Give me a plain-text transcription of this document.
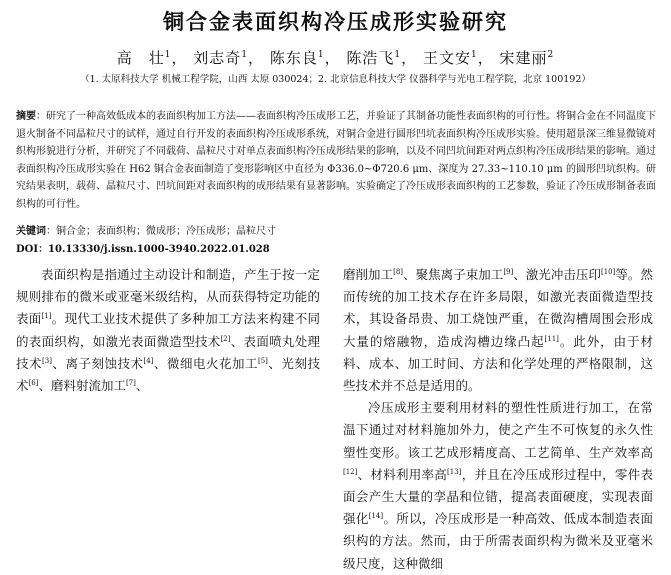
铜合金表面织构冷压成形实验研究
高　壮$^1$， 刘志奇$^1$， 陈东良$^1$， 陈浩飞$^1$， 王文安$^1$， 宋建丽$^2$
（1. 太原科技大学 机械工程学院，山西 太原 030024；2. 北京信息科技大学 仪器科学与光电工程学院，北京 100192）
摘要：研究了一种高效低成本的表面织构加工方法——表面织构冷压成形工艺，并验证了其制备功能性表面织构的可行性。将铜合金在不同温度下退火制备不同晶粒尺寸的试样，通过自行开发的表面织构冷压成形系统，对铜合金进行圆形凹坑表面织构冷压成形实验。使用超景深三维显微镜对织构形貌进行分析，并研究了不同载荷、晶粒尺寸对单点表面织构冷压成形结果的影响，以及不同凹坑间距对两点织构冷压成形结果的影响。通过表面织构冷压成形实验在 H62 铜合金表面制造了变形影响区中直径为 Φ336.0~Φ720.6 μm、深度为 27.33~110.10 μm 的圆形凹坑织构。研究结果表明，载荷、晶粒尺寸、凹坑间距对表面织构的成形结果有显著影响。实验确定了冷压成形表面织构的工艺参数，验证了冷压成形制备表面织构的可行性。
关键词：铜合金；表面织构；微成形；冷压成形；晶粒尺寸
DOI：10.13330/j.issn.1000-3940.2022.01.028

表面织构是指通过主动设计和制造，产生于按一定规则排布的微米或亚毫米级结构，从而获得特定功能的表面[1]。现代工业技术提供了多种加工方法来构建不同的表面织构，如激光表面微造型技术[2]、表面喷丸处理技术[3]、离子刻蚀技术[4]、微细电火花加工[5]、光刻技术[6]、磨料射流加工[7]、

磨削加工[8]、聚焦离子束加工[9]、激光冲击压印[10]等。然而传统的加工技术存在许多局限，如激光表面微造型技术，其设备昂贵、加工烧蚀严重，在微沟槽周围会形成大量的熔融物，造成沟槽边缘凸起[11]。此外，由于材料、成本、加工时间、方法和化学处理的严格限制，这些技术并不总是适用的。

冷压成形主要利用材料的塑性性质进行加工，在常温下通过对材料施加外力，使之产生不可恢复的永久性塑性变形。该工艺成形精度高、工艺简单、生产效率高[12]、材料利用率高[13]，并且在冷压成形过程中，零件表面会产生大量的孪晶和位错，提高表面硬度，实现表面强化[14]。所以，冷压成形是一种高效、低成本制造表面织构的方法。然而，由于所需表面织构为微米及亚毫米级尺度，这种微细
